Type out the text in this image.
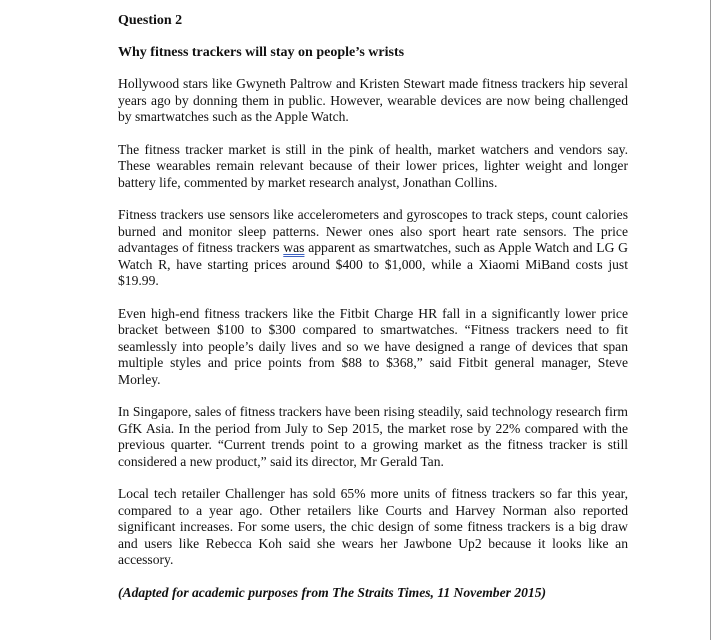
Question 2

Why fitness trackers will stay on people’s wrists

Hollywood stars like Gwyneth Paltrow and Kristen Stewart made fitness trackers hip several years ago by donning them in public. However, wearable devices are now being challenged by smartwatches such as the Apple Watch.

The fitness tracker market is still in the pink of health, market watchers and vendors say. These wearables remain relevant because of their lower prices, lighter weight and longer battery life, commented by market research analyst, Jonathan Collins.

Fitness trackers use sensors like accelerometers and gyroscopes to track steps, count calories burned and monitor sleep patterns. Newer ones also sport heart rate sensors. The price advantages of fitness trackers was apparent as smartwatches, such as Apple Watch and LG G Watch R, have starting prices around $400 to $1,000, while a Xiaomi MiBand costs just $19.99.

Even high-end fitness trackers like the Fitbit Charge HR fall in a significantly lower price bracket between $100 to $300 compared to smartwatches. “Fitness trackers need to fit seamlessly into people’s daily lives and so we have designed a range of devices that span multiple styles and price points from $88 to $368,” said Fitbit general manager, Steve Morley.

In Singapore, sales of fitness trackers have been rising steadily, said technology research firm GfK Asia. In the period from July to Sep 2015, the market rose by 22% compared with the previous quarter. “Current trends point to a growing market as the fitness tracker is still considered a new product,” said its director, Mr Gerald Tan.

Local tech retailer Challenger has sold 65% more units of fitness trackers so far this year, compared to a year ago. Other retailers like Courts and Harvey Norman also reported significant increases. For some users, the chic design of some fitness trackers is a big draw and users like Rebecca Koh said she wears her Jawbone Up2 because it looks like an accessory.

(Adapted for academic purposes from The Straits Times, 11 November 2015)
